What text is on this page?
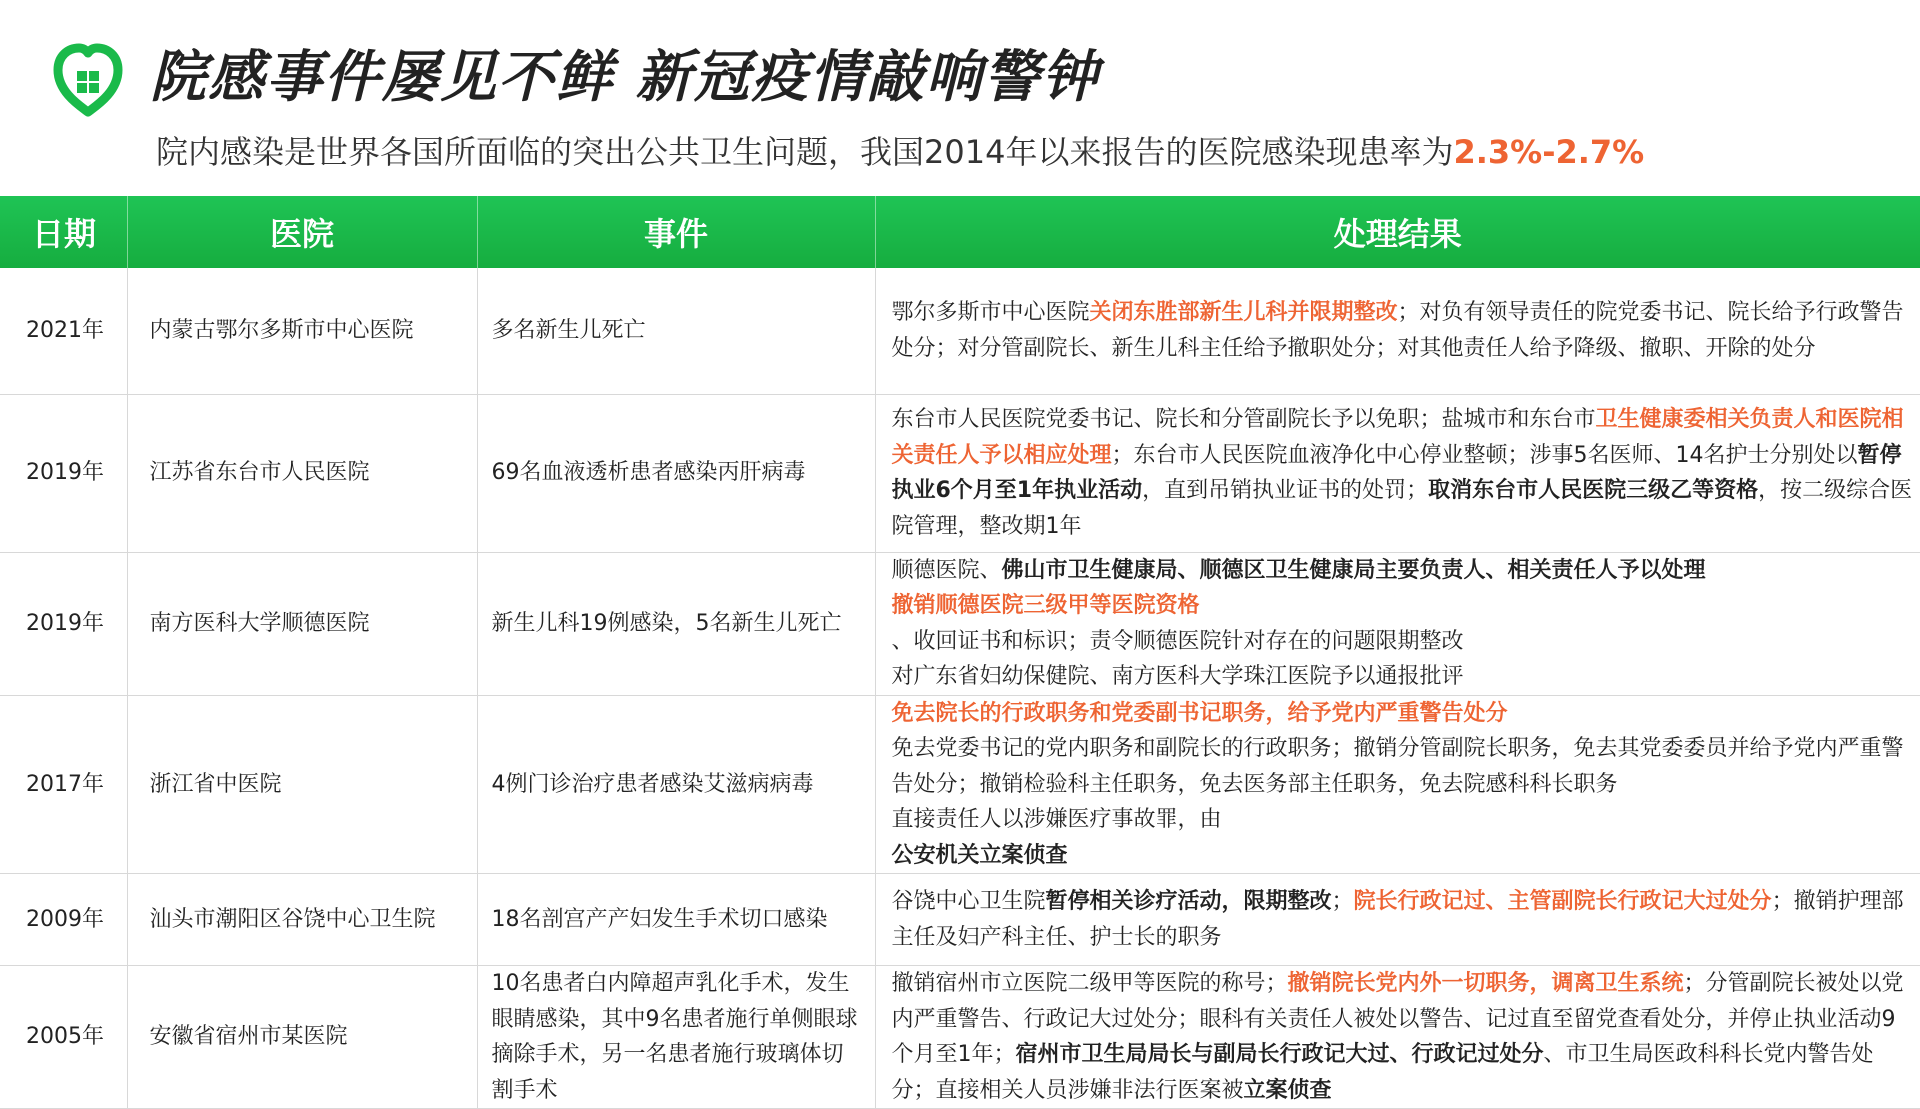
院感事件屡见不鲜 新冠疫情敲响警钟
院内感染是世界各国所面临的突出公共卫生问题，我国2014年以来报告的医院感染现患率为2.3%-2.7%
日期	医院	事件	处理结果
2021年	内蒙古鄂尔多斯市中心医院	多名新生儿死亡	鄂尔多斯市中心医院关闭东胜部新生儿科并限期整改；对负有领导责任的院党委书记、院长给予行政警告处分；对分管副院长、新生儿科主任给予撤职处分；对其他责任人给予降级、撤职、开除的处分
2019年	江苏省东台市人民医院	69名血液透析患者感染丙肝病毒	东台市人民医院党委书记、院长和分管副院长予以免职；盐城市和东台市卫生健康委相关负责人和医院相关责任人予以相应处理；东台市人民医院血液净化中心停业整顿；涉事5名医师、14名护士分别处以暂停执业6个月至1年执业活动，直到吊销执业证书的处罚；取消东台市人民医院三级乙等资格，按二级综合医院管理，整改期1年
2019年	南方医科大学顺德医院	新生儿科19例感染，5名新生儿死亡	顺德医院、佛山市卫生健康局、顺德区卫生健康局主要负责人、相关责任人予以处理
撤销顺德医院三级甲等医院资格
、收回证书和标识；责令顺德医院针对存在的问题限期整改
对广东省妇幼保健院、南方医科大学珠江医院予以通报批评

2017年	浙江省中医院	4例门诊治疗患者感染艾滋病病毒	免去院长的行政职务和党委副书记职务，给予党内严重警告处分
免去党委书记的党内职务和副院长的行政职务；撤销分管副院长职务，免去其党委委员并给予党内严重警告处分；撤销检验科主任职务，免去医务部主任职务，免去院感科科长职务
直接责任人以涉嫌医疗事故罪，由
公安机关立案侦查
2009年	汕头市潮阳区谷饶中心卫生院	18名剖宫产产妇发生手术切口感染	谷饶中心卫生院暂停相关诊疗活动，限期整改；院长行政记过、主管副院长行政记大过处分；撤销护理部主任及妇产科主任、护士长的职务
2005年	安徽省宿州市某医院	10名患者白内障超声乳化手术，发生眼睛感染，其中9名患者施行单侧眼球摘除手术，另一名患者施行玻璃体切割手术	撤销宿州市立医院二级甲等医院的称号；撤销院长党内外一切职务，调离卫生系统；分管副院长被处以党内严重警告、行政记大过处分；眼科有关责任人被处以警告、记过直至留党查看处分，并停止执业活动9个月至1年；宿州市卫生局局长与副局长行政记大过、行政记过处分、市卫生局医政科科长党内警告处分；直接相关人员涉嫌非法行医案被立案侦查
